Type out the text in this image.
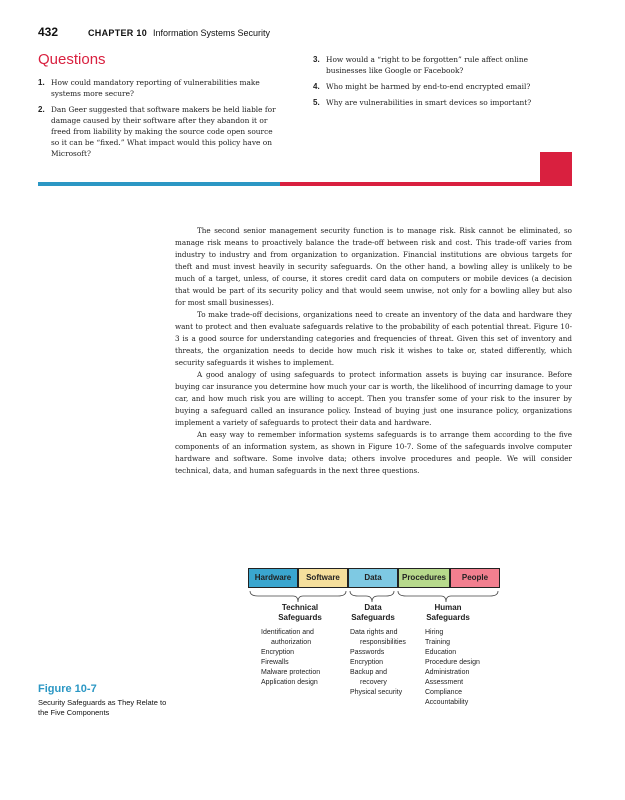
432	CHAPTER 10 Information Systems Security
Questions
1. How could mandatory reporting of vulnerabilities make systems more secure?
2. Dan Geer suggested that software makers be held liable for damage caused by their software after they abandon it or freed from liability by making the source code open source so it can be “fixed.” What impact would this policy have on Microsoft?
3. How would a “right to be forgotten” rule affect online businesses like Google or Facebook?
4. Who might be harmed by end-to-end encrypted email?
5. Why are vulnerabilities in smart devices so important?

The second senior management security function is to manage risk. Risk cannot be eliminated, so manage risk means to proactively balance the trade-off between risk and cost. This trade-off varies from industry to industry and from organization to organization. Financial institutions are obvious targets for theft and must invest heavily in security safeguards. On the other hand, a bowling alley is unlikely to be much of a target, unless, of course, it stores credit card data on computers or mobile devices (a decision that would be part of its security policy and that would seem unwise, not only for a bowling alley but also for most small businesses).

To make trade-off decisions, organizations need to create an inventory of the data and hardware they want to protect and then evaluate safeguards relative to the probability of each potential threat. Figure 10-3 is a good source for understanding categories and frequencies of threat. Given this set of inventory and threats, the organization needs to decide how much risk it wishes to take or, stated differently, which security safeguards it wishes to implement.

A good analogy of using safeguards to protect information assets is buying car insurance. Before buying car insurance you determine how much your car is worth, the likelihood of incurring damage to your car, and how much risk you are willing to accept. Then you transfer some of your risk to the insurer by buying a safeguard called an insurance policy. Instead of buying just one insurance policy, organizations implement a variety of safeguards to protect their data and hardware.

An easy way to remember information systems safeguards is to arrange them according to the five components of an information system, as shown in Figure 10-7. Some of the safeguards involve computer hardware and software. Some involve data; others involve procedures and people. We will consider technical, data, and human safeguards in the next three questions.

Hardware	Software	Data	Procedures	People
Technical
Safeguards
Data
Safeguards
Human
Safeguards
Identification and
authorization
Encryption
Firewalls
Malware protection
Application design
Data rights and
responsibilities
Passwords
Encryption
Backup and
recovery
Physical security
Hiring
Training
Education
Procedure design
Administration
Assessment
Compliance
Accountability
Figure 10-7
Security Safeguards as They Relate to the Five Components
